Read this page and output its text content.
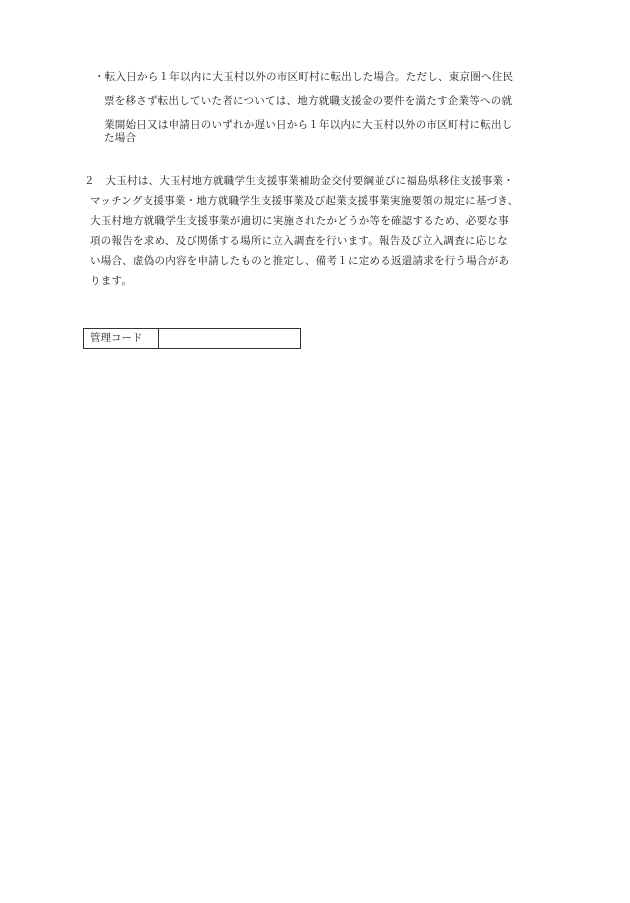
・転入日から１年以内に大玉村以外の市区町村に転出した場合。ただし、東京圏へ住民
票を移さず転出していた者については、地方就職支援金の要件を満たす企業等への就
業開始日又は申請日のいずれか遅い日から１年以内に大玉村以外の市区町村に転出し
た場合
２　大玉村は、大玉村地方就職学生支援事業補助金交付要綱並びに福島県移住支援事業・
マッチング支援事業・地方就職学生支援事業及び起業支援事業実施要領の規定に基づき、
大玉村地方就職学生支援事業が適切に実施されたかどうか等を確認するため、必要な事
項の報告を求め、及び関係する場所に立入調査を行います。報告及び立入調査に応じな
い場合、虚偽の内容を申請したものと推定し、備考１に定める返還請求を行う場合があ
ります。
管理コード
